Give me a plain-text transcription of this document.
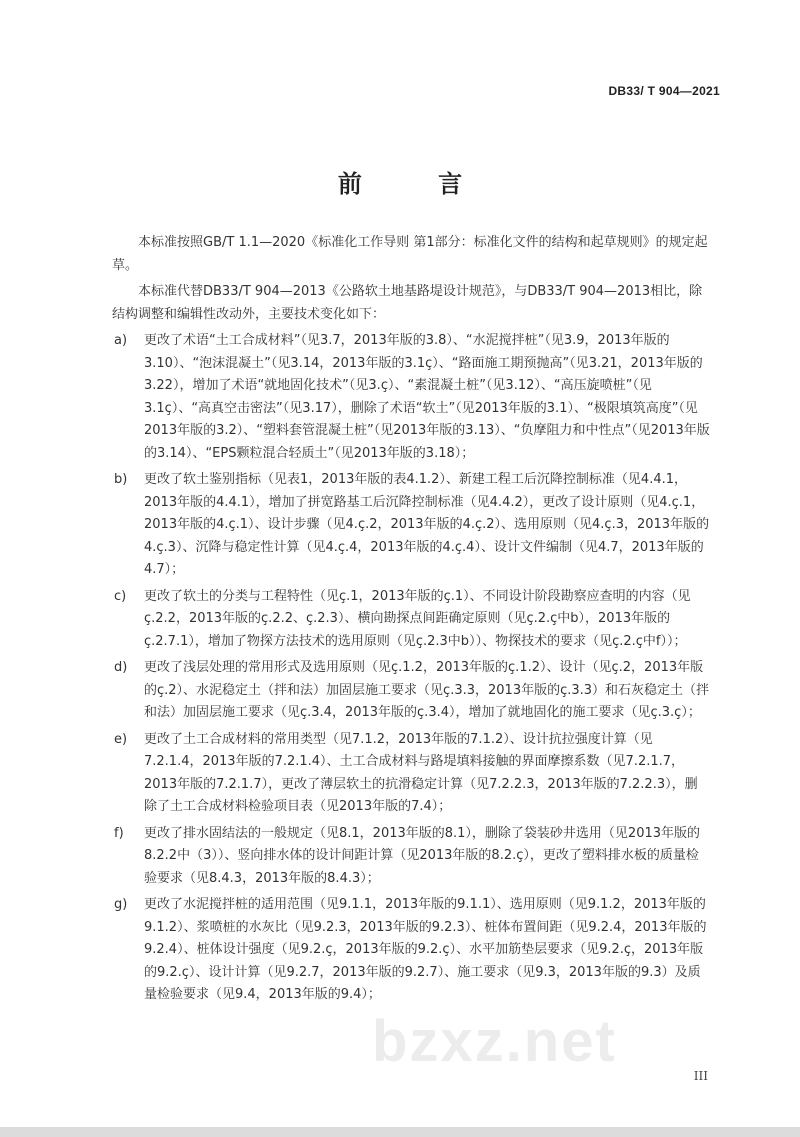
DB33/ T 904—2021
前 言

本标准按照GB/T 1.1—2020《标准化工作导则 第1部分：标准化文件的结构和起草规则》的规定起草。

本标准代替DB33/T 904—2013《公路软土地基路堤设计规范》，与DB33/T 904—2013相比，除结构调整和编辑性改动外，主要技术变化如下：

a) 更改了术语“土工合成材料”（见3.7，2013年版的3.8）、“水泥搅拌桩”（见3.9，2013年版的3.10）、“泡沫混凝土”（见3.14，2013年版的3.1ç）、“路面施工期预抛高”（见3.21，2013年版的3.22），增加了术语“就地固化技术”（见3.ç）、“素混凝土桩”（见3.12）、“高压旋喷桩”（见3.1ç）、“高真空击密法”（见3.17），删除了术语“软土”（见2013年版的3.1）、“极限填筑高度”（见2013年版的3.2）、“塑料套管混凝土桩”（见2013年版的3.13）、“负摩阻力和中性点”（见2013年版的3.14）、“EPS颗粒混合轻质土”（见2013年版的3.18）；
b) 更改了软土鉴别指标（见表1，2013年版的表4.1.2）、新建工程工后沉降控制标准（见4.4.1，2013年版的4.4.1），增加了拼宽路基工后沉降控制标准（见4.4.2），更改了设计原则（见4.ç.1，2013年版的4.ç.1）、设计步骤（见4.ç.2，2013年版的4.ç.2）、选用原则（见4.ç.3，2013年版的4.ç.3）、沉降与稳定性计算（见4.ç.4，2013年版的4.ç.4）、设计文件编制（见4.7，2013年版的4.7）；
c) 更改了软土的分类与工程特性（见ç.1，2013年版的ç.1）、不同设计阶段勘察应查明的内容（见ç.2.2，2013年版的ç.2.2、ç.2.3）、横向勘探点间距确定原则（见ç.2.ç中b），2013年版的ç.2.7.1），增加了物探方法技术的选用原则（见ç.2.3中b））、物探技术的要求（见ç.2.ç中f））；
d) 更改了浅层处理的常用形式及选用原则（见ç.1.2，2013年版的ç.1.2）、设计（见ç.2，2013年版的ç.2）、水泥稳定土（拌和法）加固层施工要求（见ç.3.3，2013年版的ç.3.3）和石灰稳定土（拌和法）加固层施工要求（见ç.3.4，2013年版的ç.3.4），增加了就地固化的施工要求（见ç.3.ç）；
e) 更改了土工合成材料的常用类型（见7.1.2，2013年版的7.1.2）、设计抗拉强度计算（见7.2.1.4，2013年版的7.2.1.4）、土工合成材料与路堤填料接触的界面摩擦系数（见7.2.1.7，2013年版的7.2.1.7），更改了薄层软土的抗滑稳定计算（见7.2.2.3，2013年版的7.2.2.3），删除了土工合成材料检验项目表（见2013年版的7.4）；
f) 更改了排水固结法的一般规定（见8.1，2013年版的8.1），删除了袋装砂井选用（见2013年版的8.2.2中（3））、竖向排水体的设计间距计算（见2013年版的8.2.ç），更改了塑料排水板的质量检验要求（见8.4.3，2013年版的8.4.3）；
g) 更改了水泥搅拌桩的适用范围（见9.1.1，2013年版的9.1.1）、选用原则（见9.1.2，2013年版的9.1.2）、浆喷桩的水灰比（见9.2.3，2013年版的9.2.3）、桩体布置间距（见9.2.4，2013年版的9.2.4）、桩体设计强度（见9.2.ç，2013年版的9.2.ç）、水平加筋垫层要求（见9.2.ç，2013年版的9.2.ç）、设计计算（见9.2.7，2013年版的9.2.7）、施工要求（见9.3，2013年版的9.3）及质量检验要求（见9.4，2013年版的9.4）；
bzxz.net
III
